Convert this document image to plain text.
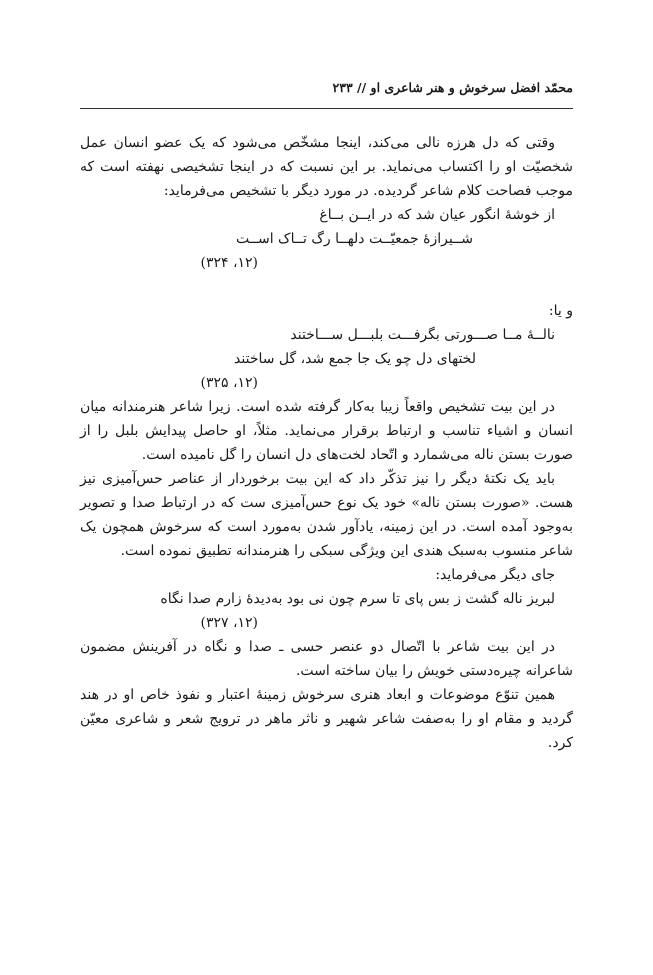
محمّد افضل سرخوش و هنر شاعری او // ۲۳۳

وقتی که دل هرزه نالی می‌کند، اینجا مشخّص می‌شود که یک عضو انسان عمل شخصیّت او را اکتساب می‌نماید. بر این نسبت که در اینجا تشخیصی نهفته است که موجب فصاحت کلام شاعر گردیده. در مورد دیگر با تشخیص می‌فرماید:

از خوشهٔ انگور عیان شد که در ایــن بــاغ
شــیرازهٔ جمعیّــت دلهــا رگ تــاک اســت
(۳۲۴ ،۱۲)

و یا:

نالــهٔ مــا صـــورتی بگرفـــت بلبـــل ســـاختند
لختهای دل چو یک جا جمع شد، گل ساختند
(۳۲۵ ،۱۲)

در این بیت تشخیص واقعاً زیبا به‌کار گرفته شده است. زیرا شاعر هنرمندانه میان انسان و اشیاء تناسب و ارتباط برقرار می‌نماید. مثلاً، او حاصل پیدایش بلبل را از صورت بستن ناله می‌شمارد و اتّحاد لخت‌های دل انسان را گل نامیده است.

باید یک نکتهٔ دیگر را نیز تذکّر داد که این بیت برخوردار از عناصر حس‌آمیزی نیز هست. «صورت بستن ناله» خود یک نوع حس‌آمیزی ست که در ارتباط صدا و تصویر به‌وجود آمده است. در این زمینه، یادآور شدن به‌مورد است که سرخوش همچون یک شاعر منسوب به‌سبک هندی این ویژگی سبکی را هنرمندانه تطبیق نموده است.

جای دیگر می‌فرماید:

لبریز ناله گشت ز بس پای تا سرم چون نی بود به‌دیدهٔ زارم صدا نگاه
(۳۲۷ ،۱۲)

در این بیت شاعر با اتّصال دو عنصر حسی ـ صدا و نگاه در آفرینش مضمون شاعرانه چیره‌دستی خویش را بیان ساخته است.

همین تنوّع موضوعات و ابعاد هنری سرخوش زمینهٔ اعتبار و نفوذ خاص او در هند گردید و مقام او را به‌صفت شاعر شهیر و ناثر ماهر در ترویج شعر و شاعری معیّن کرد.
